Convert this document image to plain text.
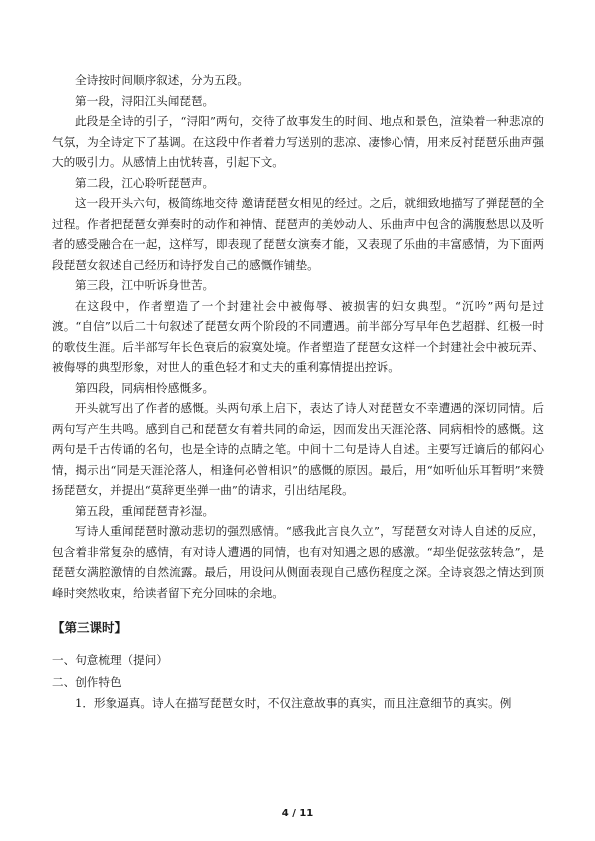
全诗按时间顺序叙述，分为五段。

第一段，浔阳江头闻琵琶。

此段是全诗的引子，“浔阳”两句，交待了故事发生的时间、地点和景色，渲染着一种悲凉的气氛，为全诗定下了基调。在这段中作者着力写送别的悲凉、凄惨心情，用来反衬琵琶乐曲声强大的吸引力。从感情上由忧转喜，引起下文。

第二段，江心聆听琵琶声。

这一段开头六句，极简练地交待 邀请琵琶女相见的经过。之后，就细致地描写了弹琵琶的全过程。作者把琵琶女弹奏时的动作和神情、琵琶声的美妙动人、乐曲声中包含的满腹愁思以及听者的感受融合在一起，这样写，即表现了琵琶女演奏才能，又表现了乐曲的丰富感情，为下面两段琵琶女叙述自己经历和诗抒发自己的感慨作铺垫。

第三段，江中听诉身世苦。

在这段中，作者塑造了一个封建社会中被侮辱、被损害的妇女典型。“沉吟”两句是过渡。“自信”以后二十句叙述了琵琶女两个阶段的不同遭遇。前半部分写早年色艺超群、红极一时的歌伎生涯。后半部写年长色衰后的寂寞处境。作者塑造了琵琶女这样一个封建社会中被玩弄、被侮辱的典型形象，对世人的重色轻才和丈夫的重利寡情提出控诉。

第四段，同病相怜感慨多。

开头就写出了作者的感慨。头两句承上启下，表达了诗人对琵琶女不幸遭遇的深切同情。后两句写产生共鸣。感到自己和琵琶女有着共同的命运，因而发出天涯沦落、同病相怜的感慨。这两句是千古传诵的名句，也是全诗的点睛之笔。中间十二句是诗人自述。主要写迁谪后的郁闷心情，揭示出“同是天涯沦落人，相逢何必曾相识”的感慨的原因。最后，用“如听仙乐耳暂明”来赞扬琵琶女，并提出“莫辞更坐弹一曲”的请求，引出结尾段。

第五段，重闻琵琶青衫湿。

写诗人重闻琵琶时激动悲切的强烈感情。“感我此言良久立”，写琵琶女对诗人自述的反应，包含着非常复杂的感情，有对诗人遭遇的同情，也有对知遇之恩的感激。“却坐促弦弦转急”，是琵琶女满腔激情的自然流露。最后，用设问从侧面表现自己感伤程度之深。全诗哀怨之情达到顶峰时突然收束，给读者留下充分回味的余地。

【第三课时】

一、句意梳理（提问）

二、创作特色

1．形象逼真。诗人在描写琵琶女时，不仅注意故事的真实，而且注意细节的真实。例

4 / 11
